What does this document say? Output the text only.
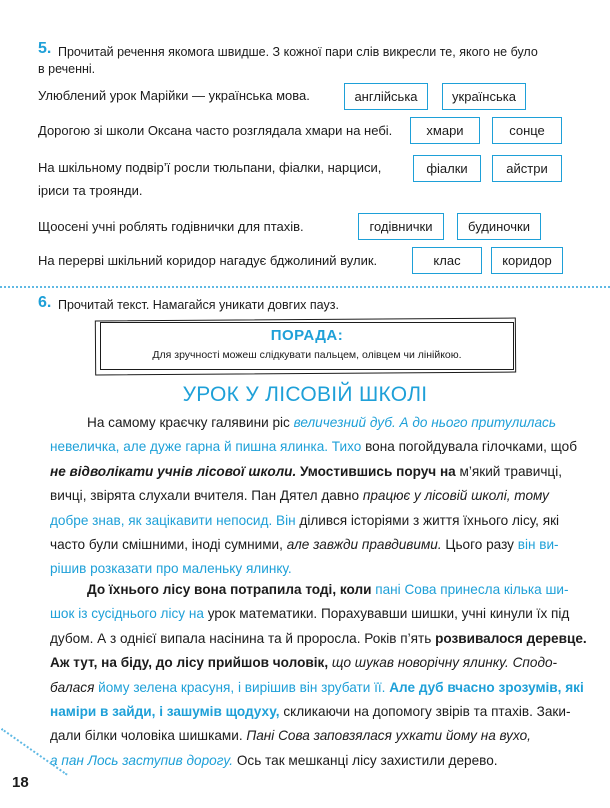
5. Прочитай речення якомога швидше. З кожної пари слів викресли те, якого не було
в реченні.
Улюблений урок Марійки — українська мова.	англійська	українська
Дорогою зі школи Оксана часто розглядала хмари на небі.	хмари	сонце
На шкільному подвір’ї росли тюльпани, фіалки, нарциси,
іриси та троянди.
фіалки	айстри
Щоосені учні роблять годівнички для птахів.	годівнички	будиночки
На перерві шкільний коридор нагадує бджолиний вулик.	клас	коридор
6. Прочитай текст. Намагайся уникати довгих пауз.
ПОРАДА:
Для зручності можеш слідкувати пальцем, олівцем чи лінійкою.
УРОК У ЛІСОВІЙ ШКОЛІ
На самому краєчку галявини ріс величезний дуб. А до нього притулилась
невеличка, але дуже гарна й пишна ялинка. Тихо вона погойдувала гілочками, щоб
не відволікати учнів лісової школи. Умостившись поруч на м’який травичці,
вичці, звірята слухали вчителя. Пан Дятел давно працює у лісовій школі, тому
добре знав, як зацікавити непосид. Він ділився історіями з життя їхнього лісу, які
часто були смішними, іноді сумними, але завжди правдивими. Цього разу він ви-
рішив розказати про маленьку ялинку.
До їхнього лісу вона потрапила тоді, коли пані Сова принесла кілька ши-
шок із сусіднього лісу на урок математики. Порахувавши шишки, учні кинули їх під
дубом. А з однієї випала насінина та й проросла. Років п’ять розвивалося деревце.
Аж тут, на біду, до лісу прийшов чоловік, що шукав новорічну ялинку. Сподо-
балася йому зелена красуня, і вирішив він зрубати її. Але дуб вчасно зрозумів, які
наміри в зайди, і зашумів щодуху, скликаючи на допомогу звірів та птахів. Заки-
дали білки чоловіка шишками. Пані Сова заповзялася ухкати йому на вухо,
а пан Лось заступив дорогу. Ось так мешканці лісу захистили дерево.
18
